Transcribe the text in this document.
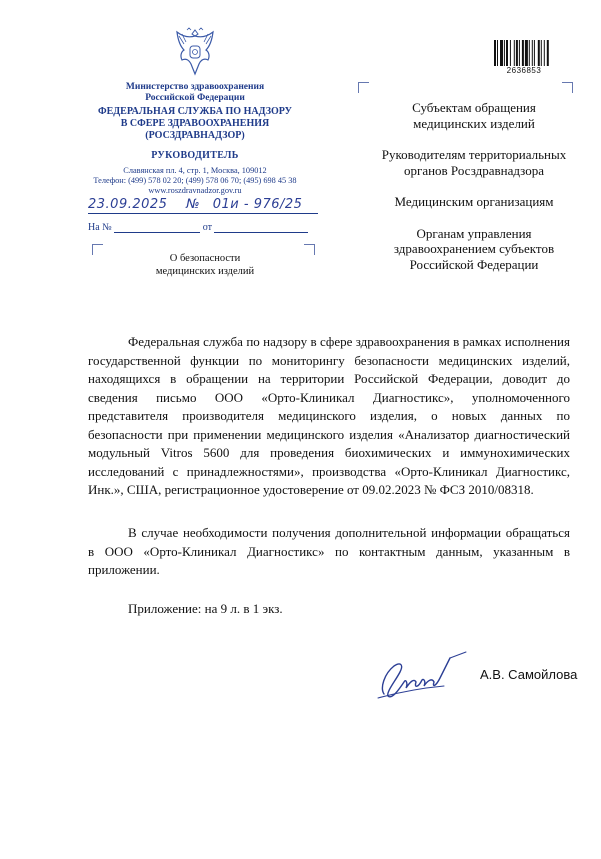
Министерство здравоохранения
Российской Федерации
ФЕДЕРАЛЬНАЯ СЛУЖБА ПО НАДЗОРУ
В СФЕРЕ ЗДРАВООХРАНЕНИЯ
(РОСЗДРАВНАДЗОР)
РУКОВОДИТЕЛЬ
Славянская пл. 4, стр. 1, Москва, 109012
Телефон: (499) 578 02 20; (499) 578 06 70; (495) 698 45 38
www.roszdravnadzor.gov.ru
23.09.2025 № 01и - 976/25
На №	от
О безопасности
медицинских изделий
2636853
Субъектам обращения медицинских изделий
Руководителям территориальных органов Росздравнадзора
Медицинским организациям
Органам управления здравоохранением субъектов Российской Федерации
Федеральная служба по надзору в сфере здравоохранения в рамках исполнения государственной функции по мониторингу безопасности медицинских изделий, находящихся в обращении на территории Российской Федерации, доводит до сведения письмо ООО «Орто-Клиникал Диагностикс», уполномоченного представителя производителя медицинского изделия, о новых данных по безопасности при применении медицинского изделия «Анализатор диагностический модульный Vitros 5600 для проведения биохимических и иммунохимических исследований с принадлежностями», производства «Орто-Клиникал Диагностикс, Инк.», США, регистрационное удостоверение от 09.02.2023 № ФСЗ 2010/08318.
В случае необходимости получения дополнительной информации обращаться в ООО «Орто-Клиникал Диагностикс» по контактным данным, указанным в приложении.
Приложение: на 9 л. в 1 экз.
А.В. Самойлова
